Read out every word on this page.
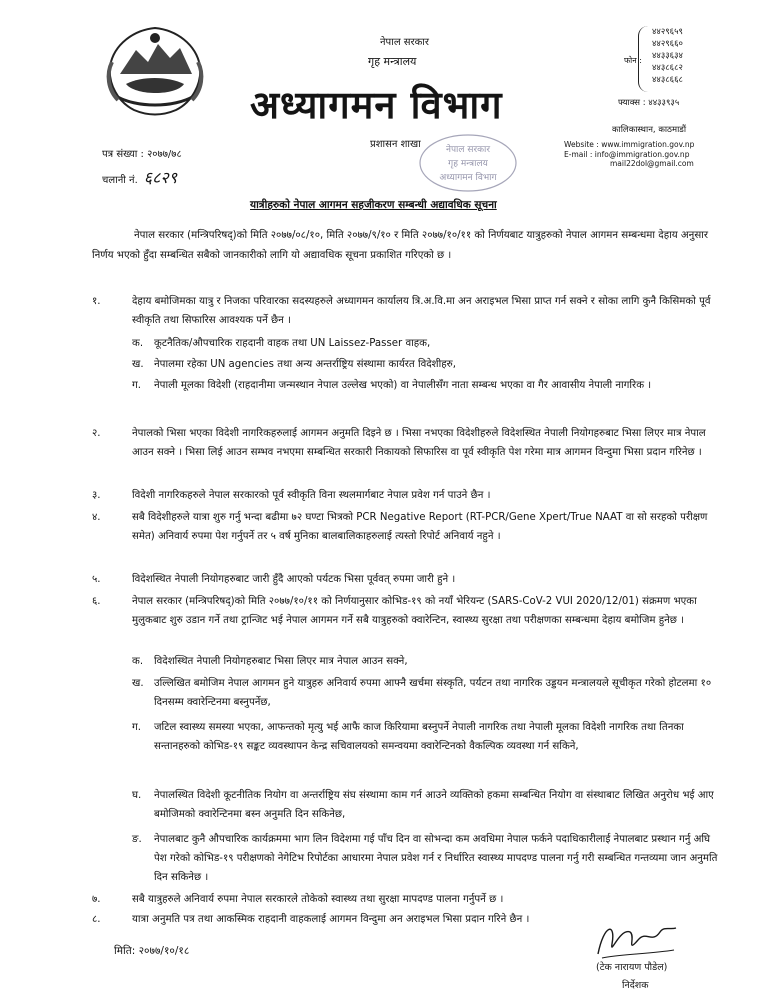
नेपाल सरकार
गृह मन्त्रालय
अध्यागमन विभाग
फोन :
४४२९६५९
४४२९६६०
४४३३६३४
४४३८६८२
४४३८६६८
फ्याक्स : ४४३३९३५
कालिकास्थान, काठमाडौं
Website : www.immigration.gov.np
E-mail : info@immigration.gov.np
mail22dol@gmail.com
प्रशासन शाखा
पत्र संख्या : २०७७/७८
चलानी नं. ६८२९
नेपाल सरकार
गृह मन्त्रालय
अध्यागमन विभाग
यात्रीहरुको नेपाल आगमन सहजीकरण सम्बन्धी अद्यावधिक सूचना
नेपाल सरकार (मन्त्रिपरिषद्)को मिति २०७७/०८/१०, मिति २०७७/९/१० र मिति २०७७/१०/११ को निर्णयबाट यात्रुहरुको नेपाल आगमन सम्बन्धमा देहाय अनुसार निर्णय भएको हुँदा सम्बन्धित सबैको जानकारीको लागि यो अद्यावधिक सूचना प्रकाशित गरिएको छ ।
१.	देहाय बमोजिमका यात्रु र निजका परिवारका सदस्यहरुले अध्यागमन कार्यालय त्रि.अ.वि.मा अन अराइभल भिसा प्राप्त गर्न सक्ने र सोका लागि कुनै किसिमको पूर्व स्वीकृति तथा सिफारिस आवश्यक पर्ने छैन ।
क. कूटनैतिक/औपचारिक राहदानी वाहक तथा UN Laissez-Passer वाहक,
ख. नेपालमा रहेका UN agencies तथा अन्य अन्तर्राष्ट्रिय संस्थामा कार्यरत विदेशीहरु,
ग. नेपाली मूलका विदेशी (राहदानीमा जन्मस्थान नेपाल उल्लेख भएको) वा नेपालीसँग नाता सम्बन्ध भएका वा गैर आवासीय नेपाली नागरिक ।
२.	नेपालको भिसा भएका विदेशी नागरिकहरुलाई आगमन अनुमति दिइने छ । भिसा नभएका विदेशीहरुले विदेशस्थित नेपाली नियोगहरुबाट भिसा लिएर मात्र नेपाल आउन सक्ने । भिसा लिई आउन सम्भव नभएमा सम्बन्धित सरकारी निकायको सिफारिस वा पूर्व स्वीकृति पेश गरेमा मात्र आगमन विन्दुमा भिसा प्रदान गरिनेछ ।
३.	विदेशी नागरिकहरुले नेपाल सरकारको पूर्व स्वीकृति विना स्थलमार्गबाट नेपाल प्रवेश गर्न पाउने छैन ।
४.	सबै विदेशीहरुले यात्रा शुरु गर्नु भन्दा बढीमा ७२ घण्टा भित्रको PCR Negative Report (RT-PCR/Gene Xpert/True NAAT वा सो सरहको परीक्षण समेत) अनिवार्य रुपमा पेश गर्नुपर्ने तर ५ वर्ष मुनिका बालबालिकाहरुलाई त्यस्तो रिपोर्ट अनिवार्य नहुने ।
५.	विदेशस्थित नेपाली नियोगहरुबाट जारी हुँदै आएको पर्यटक भिसा पूर्ववत् रुपमा जारी हुने ।
६.	नेपाल सरकार (मन्त्रिपरिषद्)को मिति २०७७/१०/११ को निर्णयानुसार कोभिड-१९ को नयाँ भेरियन्ट (SARS-CoV-2 VUI 2020/12/01) संक्रमण भएका मुलुकबाट शुरु उडान गर्ने तथा ट्रान्जिट भई नेपाल आगमन गर्ने सबै यात्रुहरुको क्वारेन्टिन, स्वास्थ्य सुरक्षा तथा परीक्षणका सम्बन्धमा देहाय बमोजिम हुनेछ ।
क. विदेशस्थित नेपाली नियोगहरुबाट भिसा लिएर मात्र नेपाल आउन सक्ने,
ख. उल्लिखित बमोजिम नेपाल आगमन हुने यात्रुहरु अनिवार्य रुपमा आफ्नै खर्चमा संस्कृति, पर्यटन तथा नागरिक उड्डयन मन्त्रालयले सूचीकृत गरेको होटलमा १० दिनसम्म क्वारेन्टिनमा बस्नुपर्नेछ,
ग. जटिल स्वास्थ्य समस्या भएका, आफन्तको मृत्यु भई आफै काज किरियामा बस्नुपर्ने नेपाली नागरिक तथा नेपाली मूलका विदेशी नागरिक तथा तिनका सन्तानहरुको कोभिड-१९ सङ्कट व्यवस्थापन केन्द्र सचिवालयको समन्वयमा क्वारेन्टिनको वैकल्पिक व्यवस्था गर्न सकिने,
घ. नेपालस्थित विदेशी कूटनीतिक नियोग वा अन्तर्राष्ट्रिय संघ संस्थामा काम गर्न आउने व्यक्तिको हकमा सम्बन्धित नियोग वा संस्थाबाट लिखित अनुरोध भई आए बमोजिमको क्वारेन्टिनमा बस्न अनुमति दिन सकिनेछ,
ङ. नेपालबाट कुनै औपचारिक कार्यक्रममा भाग लिन विदेशमा गई पाँच दिन वा सोभन्दा कम अवधिमा नेपाल फर्कने पदाधिकारीलाई नेपालबाट प्रस्थान गर्नु अघि पेश गरेको कोभिड-१९ परीक्षणको नेगेटिभ रिपोर्टका आधारमा नेपाल प्रवेश गर्न र निर्धारित स्वास्थ्य मापदण्ड पालना गर्नु गरी सम्बन्धित गन्तव्यमा जान अनुमति दिन सकिनेछ ।
७.	सबै यात्रुहरुले अनिवार्य रुपमा नेपाल सरकारले तोकेको स्वास्थ्य तथा सुरक्षा मापदण्ड पालना गर्नुपर्ने छ ।
८.	यात्रा अनुमति पत्र तथा आकस्मिक राहदानी वाहकलाई आगमन विन्दुमा अन अराइभल भिसा प्रदान गरिने छैन ।
मिति: २०७७/१०/१८
(टेक नारायण पौडेल)
निर्देशक
